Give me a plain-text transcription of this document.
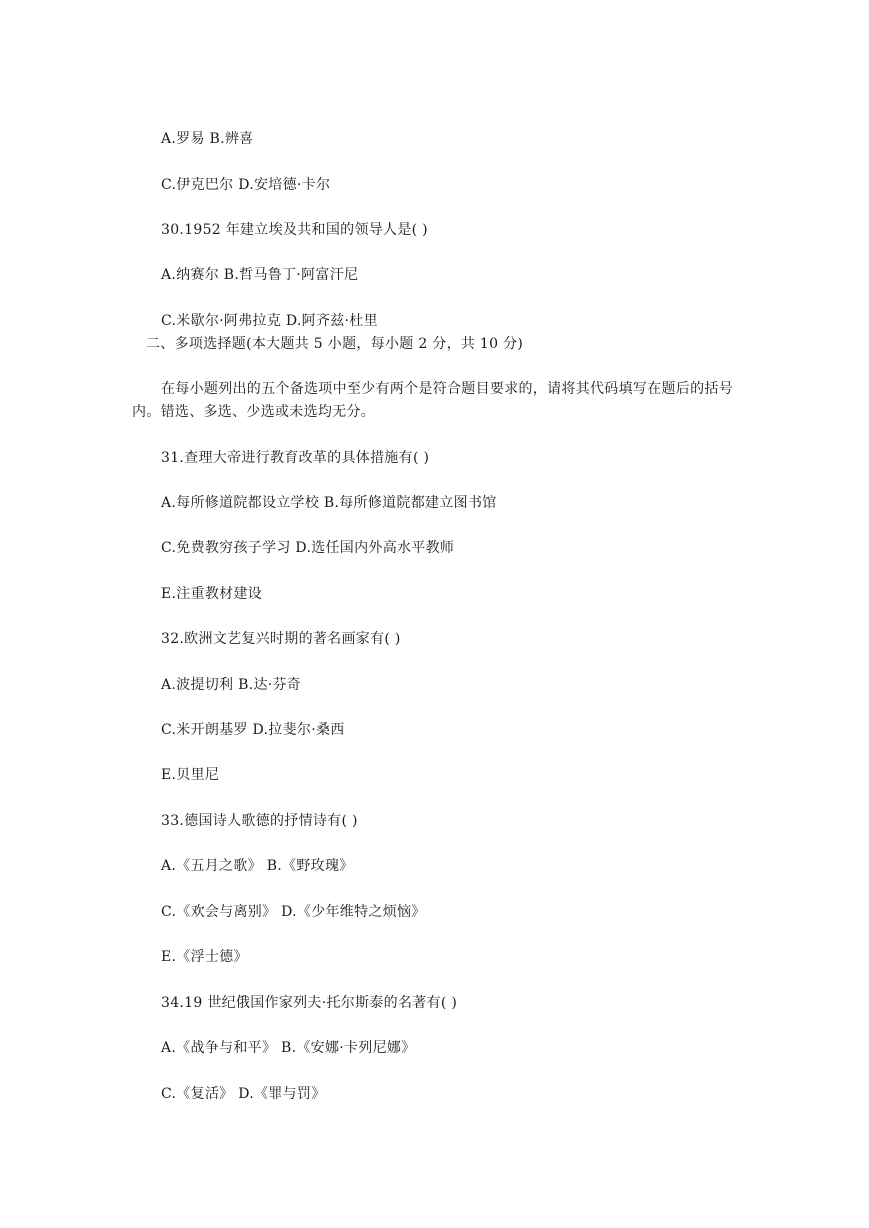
A.罗易 B.辨喜
C.伊克巴尔 D.安培德·卡尔
30.1952 年建立埃及共和国的领导人是( )
A.纳赛尔 B.哲马鲁丁·阿富汗尼
C.米歇尔·阿弗拉克 D.阿齐兹·杜里
二、多项选择题(本大题共 5 小题，每小题 2 分，共 10 分)
在每小题列出的五个备选项中至少有两个是符合题目要求的，请将其代码填写在题后的括号内。错选、多选、少选或未选均无分。
31.查理大帝进行教育改革的具体措施有( )
A.每所修道院都设立学校 B.每所修道院都建立图书馆
C.免费教穷孩子学习 D.选任国内外高水平教师
E.注重教材建设
32.欧洲文艺复兴时期的著名画家有( )
A.波提切利 B.达·芬奇
C.米开朗基罗 D.拉斐尔·桑西
E.贝里尼
33.德国诗人歌德的抒情诗有( )
A.《五月之歌》 B.《野玫瑰》
C.《欢会与离别》 D.《少年维特之烦恼》
E.《浮士德》
34.19 世纪俄国作家列夫·托尔斯泰的名著有( )
A.《战争与和平》 B.《安娜·卡列尼娜》
C.《复活》 D.《罪与罚》
